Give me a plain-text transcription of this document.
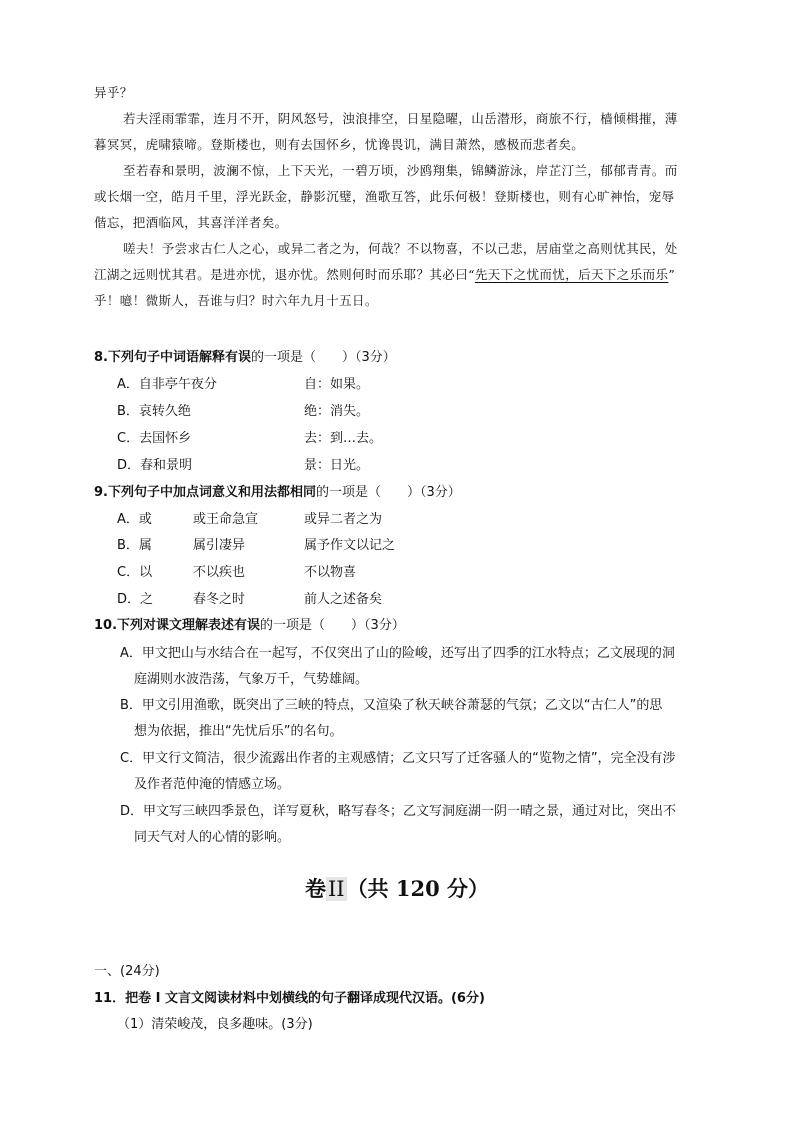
异乎？
若夫淫雨霏霏，连月不开，阴风怒号，浊浪排空，日星隐曜，山岳潜形，商旅不行，樯倾楫摧，薄
暮冥冥，虎啸猿啼。登斯楼也，则有去国怀乡，忧谗畏讥，满目萧然，感极而悲者矣。
至若春和景明，波澜不惊，上下天光，一碧万顷，沙鸥翔集，锦鳞游泳，岸芷汀兰，郁郁青青。而
或长烟一空，皓月千里，浮光跃金，静影沉璧，渔歌互答，此乐何极！登斯楼也，则有心旷神怡，宠辱
偕忘，把酒临风，其喜洋洋者矣。
嗟夫！予尝求古仁人之心，或异二者之为，何哉？不以物喜，不以己悲，居庙堂之高则忧其民，处
江湖之远则忧其君。是进亦忧，退亦忧。然则何时而乐耶？其必曰“先天下之忧而忧，后天下之乐而乐”
乎！噫！微斯人，吾谁与归？时六年九月十五日。
8.下列句子中词语解释有误的一项是（　　）（3分）
A．自非亭午夜分	自：如果。
B．哀转久绝	绝：消失。
C．去国怀乡	去：到…去。
D．春和景明	景：日光。
9.下列句子中加点词意义和用法都相同的一项是（　　）（3分）
A．或	或王命急宣	或异二者之为
B．属	属引凄异	属予作文以记之
C．以	不以疾也	不以物喜
D．之	春冬之时	前人之述备矣
10.下列对课文理解表述有误的一项是（　　）（3分）
A．甲文把山与水结合在一起写，不仅突出了山的险峻，还写出了四季的江水特点；乙文展现的洞
庭湖则水波浩荡，气象万千，气势雄阔。
B．甲文引用渔歌，既突出了三峡的特点，又渲染了秋天峡谷萧瑟的气氛；乙文以“古仁人”的思
想为依据，推出“先忧后乐”的名句。
C．甲文行文简洁，很少流露出作者的主观感情；乙文只写了迁客骚人的“览物之情”，完全没有涉
及作者范仲淹的情感立场。
D．甲文写三峡四季景色，详写夏秋，略写春冬；乙文写洞庭湖一阴一晴之景，通过对比，突出不
同天气对人的心情的影响。
卷II（共 120 分）
一、(24分)
11．把卷 I 文言文阅读材料中划横线的句子翻译成现代汉语。(6分)
（1）清荣峻茂，良多趣味。(3分)
